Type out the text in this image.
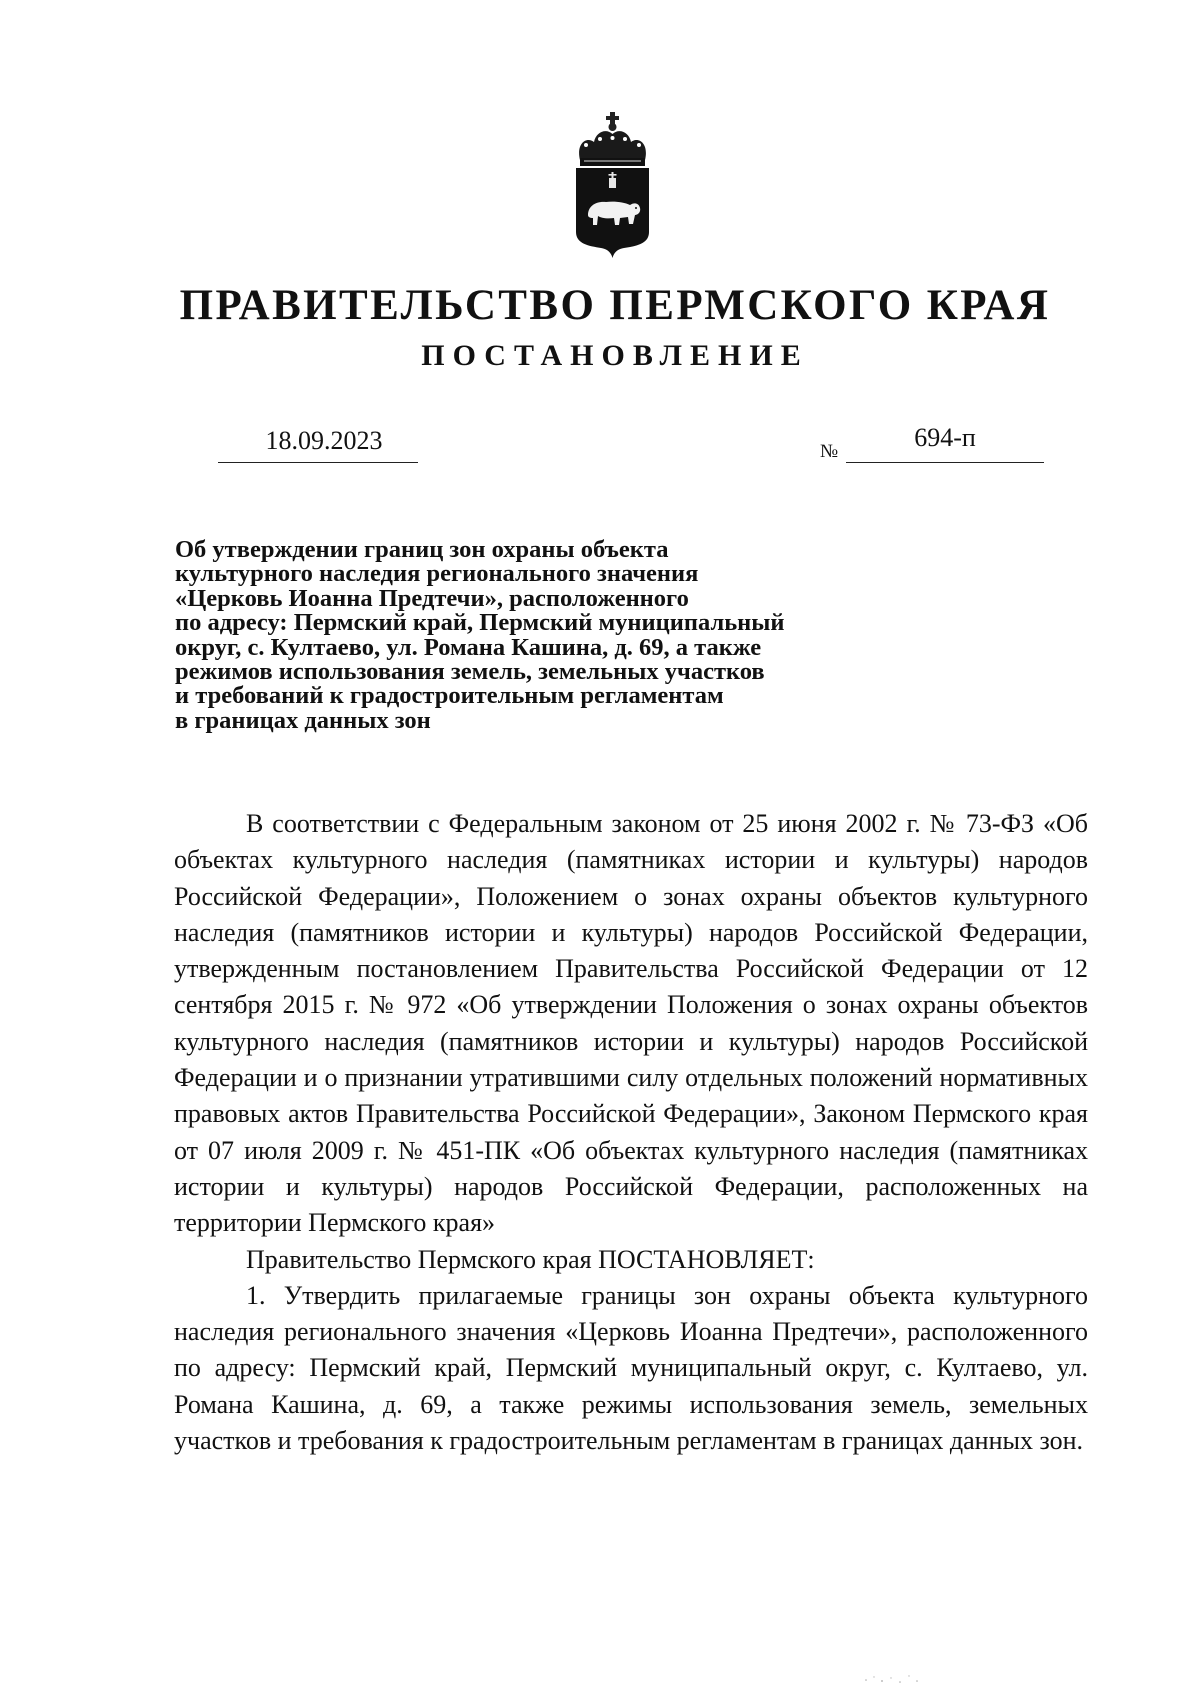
ПРАВИТЕЛЬСТВО ПЕРМСКОГО КРАЯ
ПОСТАНОВЛЕНИЕ
18.09.2023	№	694-п
Об утверждении границ зон охраны объекта
культурного наследия регионального значения
«Церковь Иоанна Предтечи», расположенного
по адресу: Пермский край, Пермский муниципальный
округ, с. Култаево, ул. Романа Кашина, д. 69, а также
режимов использования земель, земельных участков
и требований к градостроительным регламентам
в границах данных зон

В соответствии с Федеральным законом от 25 июня 2002 г. № 73-ФЗ «Об объектах культурного наследия (памятниках истории и культуры) народов Российской Федерации», Положением о зонах охраны объектов культурного наследия (памятников истории и культуры) народов Российской Федерации, утвержденным постановлением Правительства Российской Федерации от 12 сентября 2015 г. № 972 «Об утверждении Положения о зонах охраны объектов культурного наследия (памятников истории и культуры) народов Российской Федерации и о признании утратившими силу отдельных положений нормативных правовых актов Правительства Российской Федерации», Законом Пермского края от 07 июля 2009 г. № 451-ПК «Об объектах культурного наследия (памятниках истории и культуры) народов Российской Федерации, расположенных на территории Пермского края»

Правительство Пермского края ПОСТАНОВЛЯЕТ:

1. Утвердить прилагаемые границы зон охраны объекта культурного наследия регионального значения «Церковь Иоанна Предтечи», расположенного по адресу: Пермский край, Пермский муниципальный округ, с. Култаево, ул. Романа Кашина, д. 69, а также режимы использования земель, земельных участков и требования к градостроительным регламентам в границах данных зон.
